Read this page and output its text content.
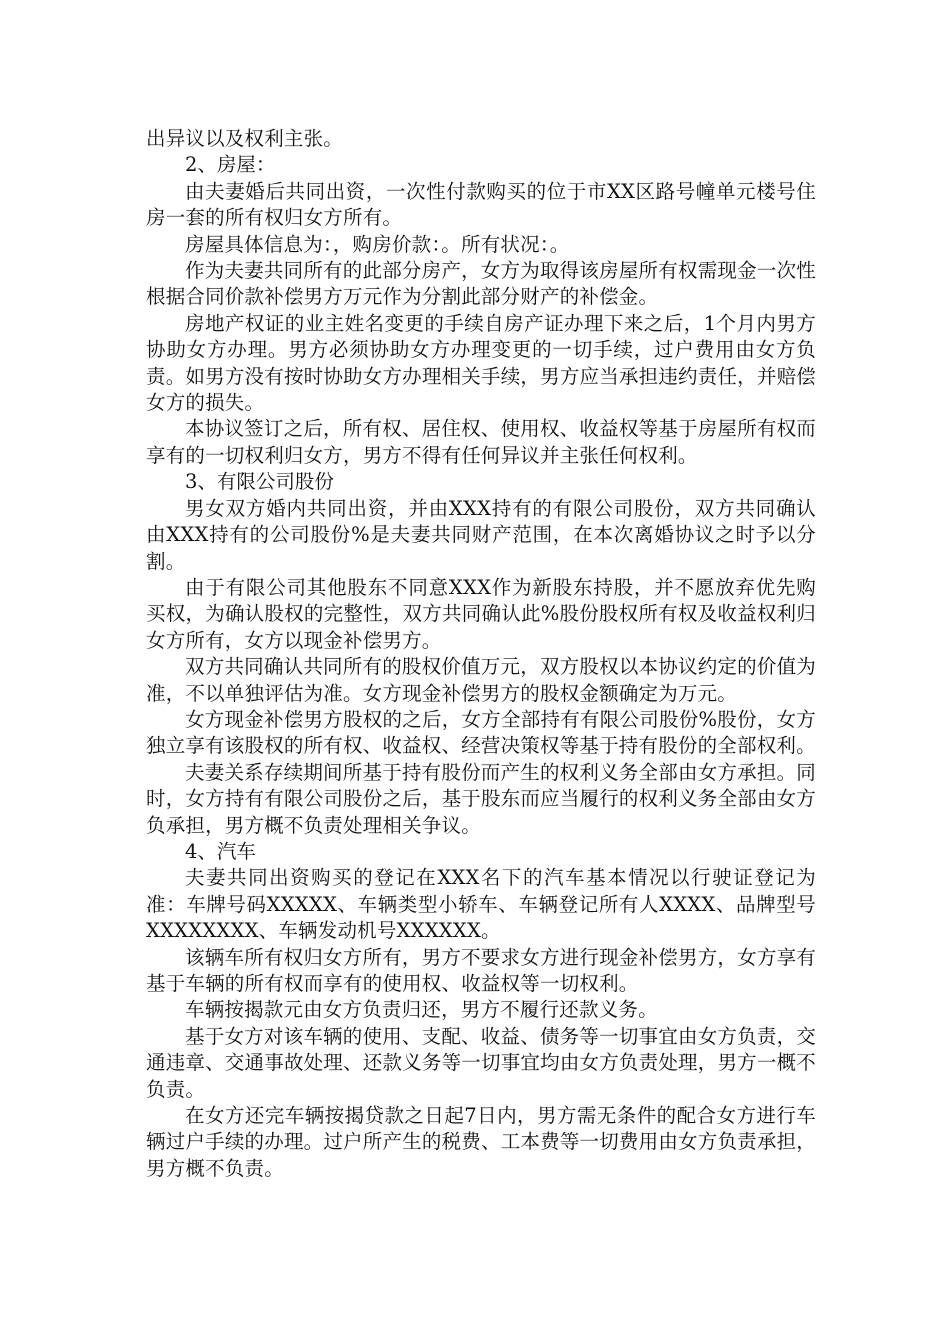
出异议以及权利主张。

2、房屋：

由夫妻婚后共同出资，一次性付款购买的位于市XX区路号幢单元楼号住房一套的所有权归女方所有。

房屋具体信息为：，购房价款：。所有状况：。

作为夫妻共同所有的此部分房产，女方为取得该房屋所有权需现金一次性根据合同价款补偿男方万元作为分割此部分财产的补偿金。

房地产权证的业主姓名变更的手续自房产证办理下来之后，1个月内男方协助女方办理。男方必须协助女方办理变更的一切手续，过户费用由女方负责。如男方没有按时协助女方办理相关手续，男方应当承担违约责任，并赔偿女方的损失。

本协议签订之后，所有权、居住权、使用权、收益权等基于房屋所有权而享有的一切权利归女方，男方不得有任何异议并主张任何权利。

3、有限公司股份

男女双方婚内共同出资，并由XXX持有的有限公司股份，双方共同确认由XXX持有的公司股份%是夫妻共同财产范围，在本次离婚协议之时予以分割。

由于有限公司其他股东不同意XXX作为新股东持股，并不愿放弃优先购买权，为确认股权的完整性，双方共同确认此%股份股权所有权及收益权利归女方所有，女方以现金补偿男方。

双方共同确认共同所有的股权价值万元，双方股权以本协议约定的价值为准，不以单独评估为准。女方现金补偿男方的股权金额确定为万元。

女方现金补偿男方股权的之后，女方全部持有有限公司股份%股份，女方独立享有该股权的所有权、收益权、经营决策权等基于持有股份的全部权利。

夫妻关系存续期间所基于持有股份而产生的权利义务全部由女方承担。同时，女方持有有限公司股份之后，基于股东而应当履行的权利义务全部由女方负承担，男方概不负责处理相关争议。

4、汽车

夫妻共同出资购买的登记在XXX名下的汽车基本情况以行驶证登记为准：车牌号码XXXXX、车辆类型小轿车、车辆登记所有人XXXX、品牌型号XXXXXXXX、车辆发动机号XXXXXX。

该辆车所有权归女方所有，男方不要求女方进行现金补偿男方，女方享有基于车辆的所有权而享有的使用权、收益权等一切权利。

车辆按揭款元由女方负责归还，男方不履行还款义务。

基于女方对该车辆的使用、支配、收益、债务等一切事宜由女方负责，交通违章、交通事故处理、还款义务等一切事宜均由女方负责处理，男方一概不负责。

在女方还完车辆按揭贷款之日起7日内，男方需无条件的配合女方进行车辆过户手续的办理。过户所产生的税费、工本费等一切费用由女方负责承担，男方概不负责。
